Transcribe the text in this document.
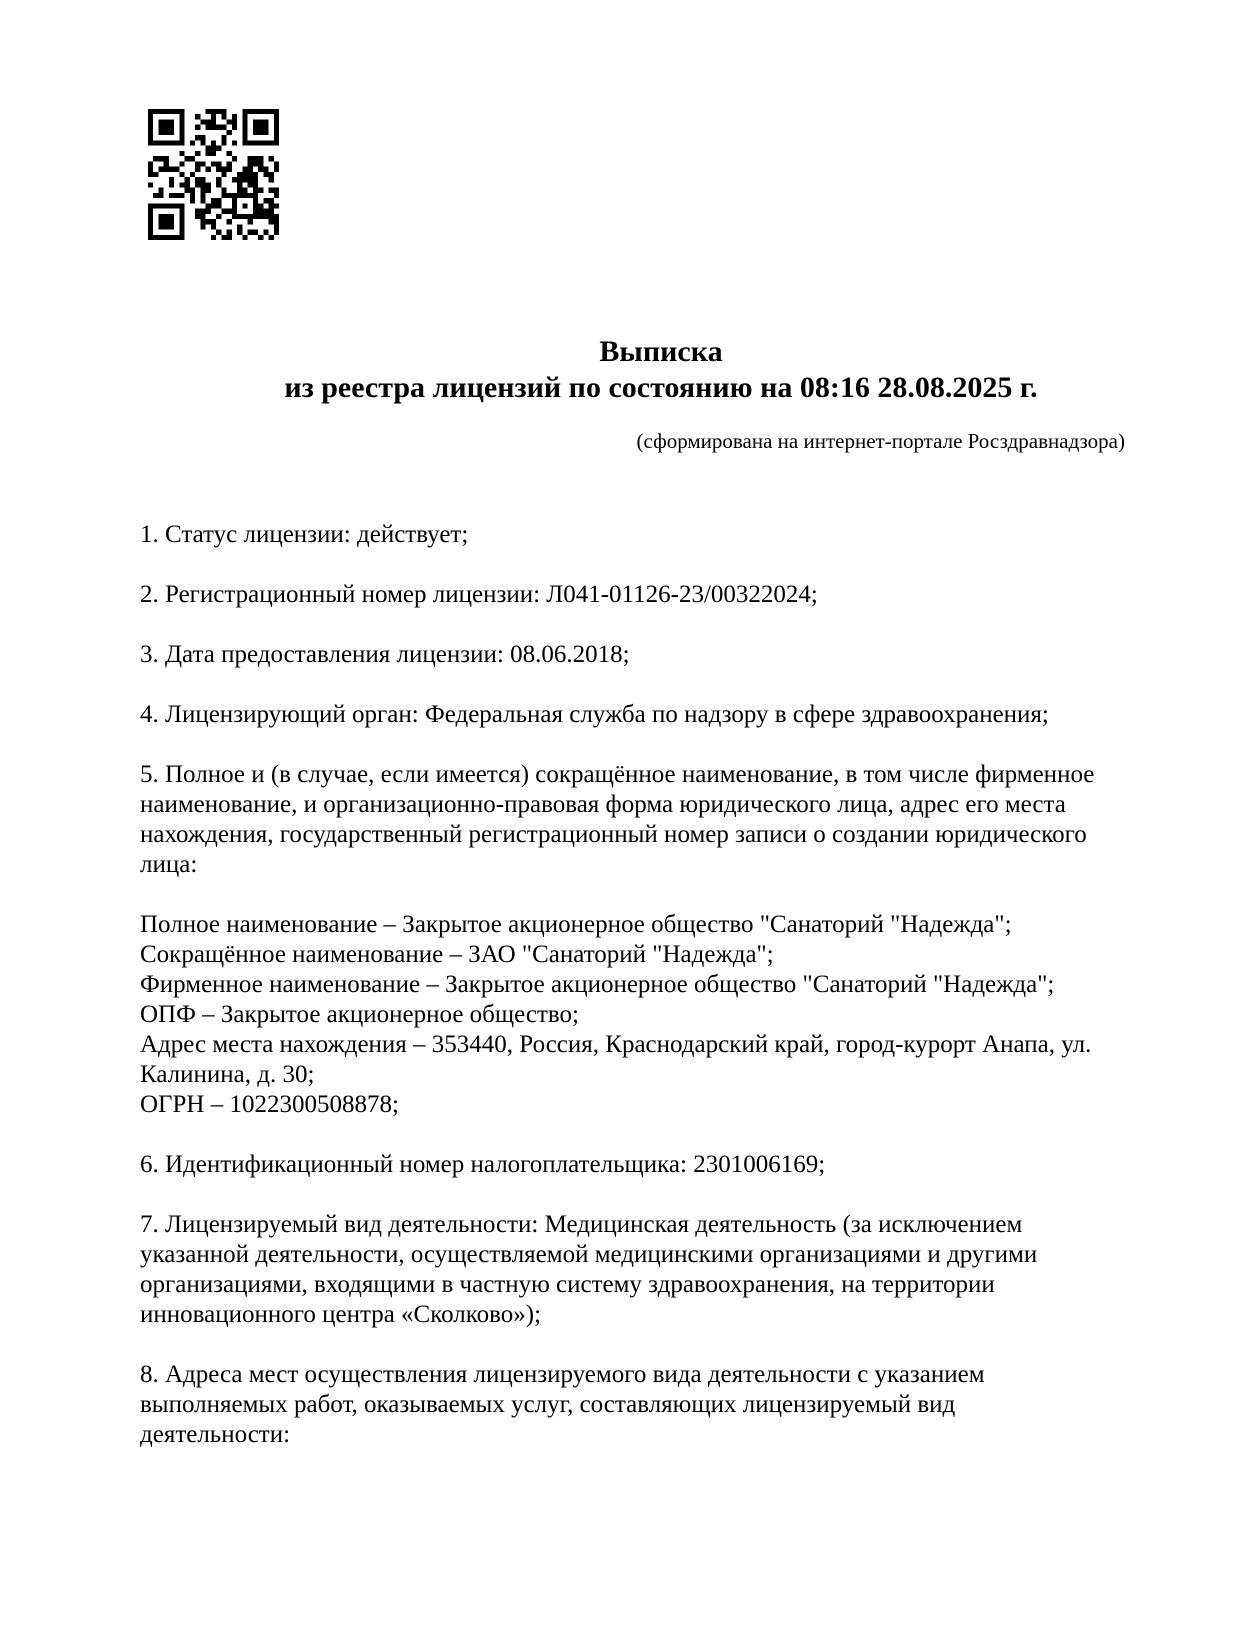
Выписка
из реестра лицензий по состоянию на 08:16 28.08.2025 г.
(сформирована на интернет-портале Росздравнадзора)

1. Статус лицензии: действует;

2. Регистрационный номер лицензии: Л041-01126-23/00322024;

3. Дата предоставления лицензии: 08.06.2018;

4. Лицензирующий орган: Федеральная служба по надзору в сфере здравоохранения;

5. Полное и (в случае, если имеется) сокращённое наименование, в том числе фирменное наименование, и организационно-правовая форма юридического лица, адрес его места нахождения, государственный регистрационный номер записи о создании юридического лица:

Полное наименование – Закрытое акционерное общество "Санаторий "Надежда";
Сокращённое наименование – ЗАО "Санаторий "Надежда";
Фирменное наименование – Закрытое акционерное общество "Санаторий "Надежда";
ОПФ – Закрытое акционерное общество;
Адрес места нахождения – 353440, Россия, Краснодарский край, город-курорт Анапа, ул. Калинина, д. 30;
ОГРН – 1022300508878;

6. Идентификационный номер налогоплательщика: 2301006169;

7. Лицензируемый вид деятельности: Медицинская деятельность (за исключением указанной деятельности, осуществляемой медицинскими организациями и другими организациями, входящими в частную систему здравоохранения, на территории инновационного центра «Сколково»);

8. Адреса мест осуществления лицензируемого вида деятельности с указанием выполняемых работ, оказываемых услуг, составляющих лицензируемый вид деятельности:
